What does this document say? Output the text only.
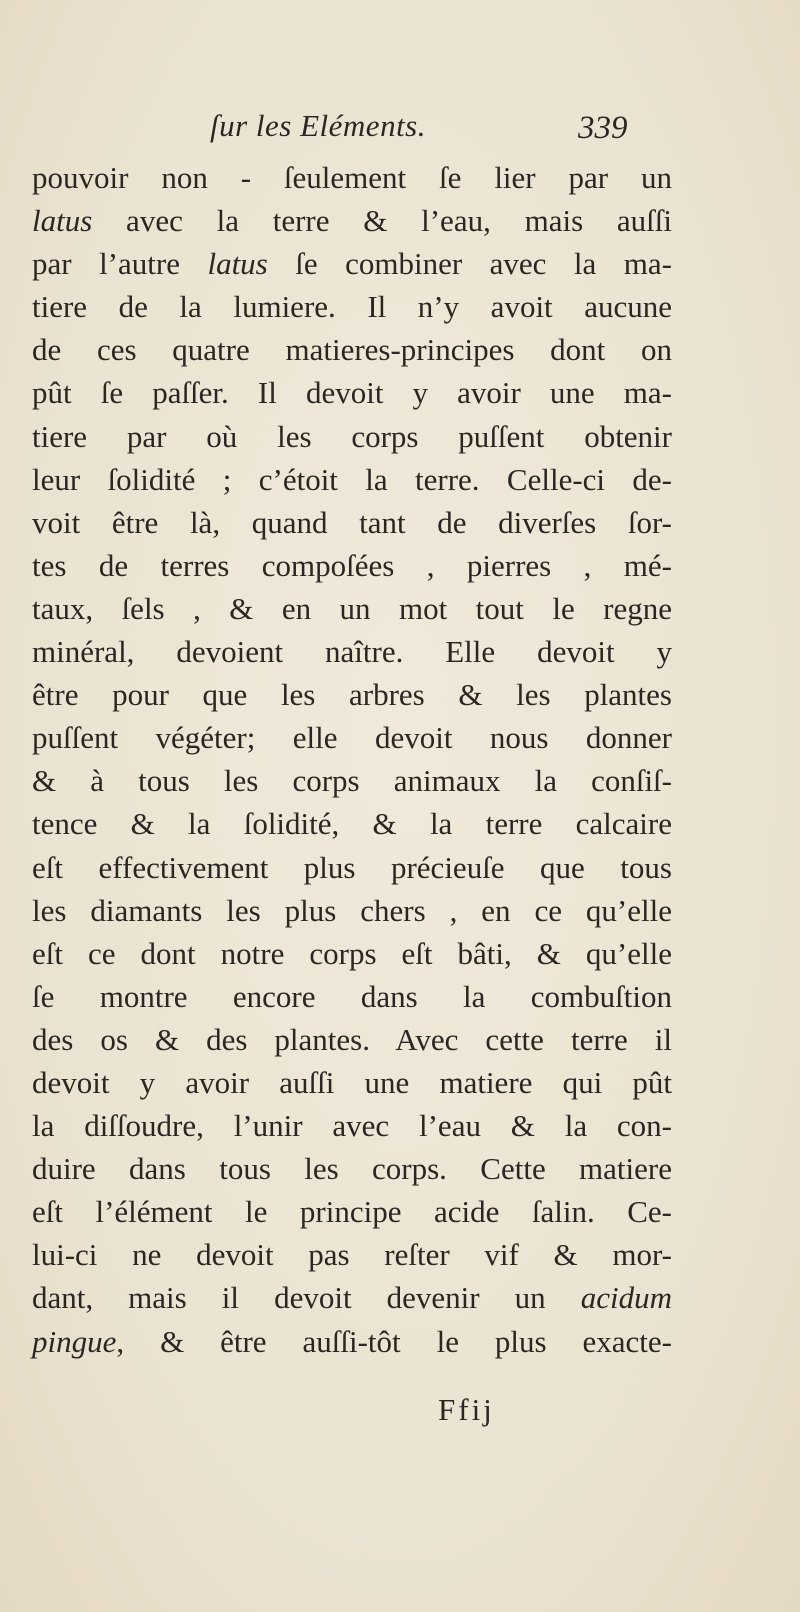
ſur les Eléments.	339
pouvoir non - ſeulement ſe lier par un
latus avec la terre & l’eau, mais auſſi
par l’autre latus ſe combiner avec la ma-
tiere de la lumiere. Il n’y avoit aucune
de ces quatre matieres-principes dont on
pût ſe paſſer. Il devoit y avoir une ma-
tiere par où les corps puſſent obtenir
leur ſolidité ; c’étoit la terre. Celle-ci de-
voit être là, quand tant de diverſes ſor-
tes de terres compoſées , pierres , mé-
taux, ſels , & en un mot tout le regne
minéral, devoient naître. Elle devoit y
être pour que les arbres & les plantes
puſſent végéter; elle devoit nous donner
& à tous les corps animaux la conſiſ-
tence & la ſolidité, & la terre calcaire
eſt effectivement plus précieuſe que tous
les diamants les plus chers , en ce qu’elle
eſt ce dont notre corps eſt bâti, & qu’elle
ſe montre encore dans la combuſtion
des os & des plantes. Avec cette terre il
devoit y avoir auſſi une matiere qui pût
la diſſoudre, l’unir avec l’eau & la con-
duire dans tous les corps. Cette matiere
eſt l’élément le principe acide ſalin. Ce-
lui-ci ne devoit pas reſter vif & mor-
dant, mais il devoit devenir un acidum
pingue, & être auſſi-tôt le plus exacte-
Ffij
